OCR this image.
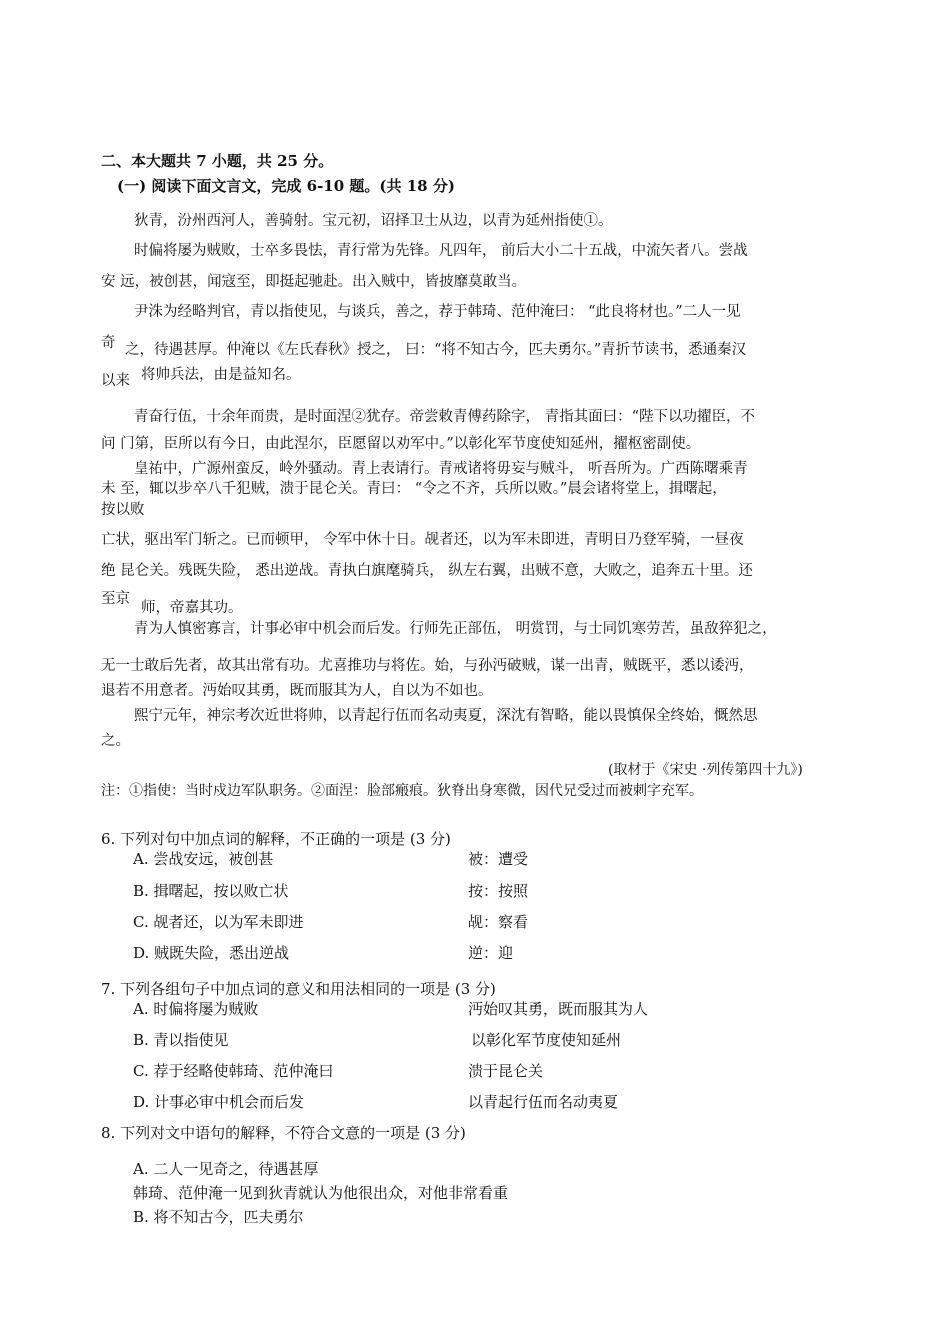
二、本大题共 7 小题，共 25 分。
(一) 阅读下面文言文，完成 6-10 题。(共 18 分)
狄青，汾州西河人，善骑射。宝元初，诏择卫士从边，以青为延州指使①。
时偏将屡为贼败，士卒多畏怯，青行常为先锋。凡四年， 前后大小二十五战，中流矢者八。尝战
安 远，被创甚，闻寇至，即挺起驰赴。出入贼中，皆披靡莫敢当。
尹洙为经略判官，青以指使见，与谈兵，善之，荐于韩琦、范仲淹曰： “此良将材也。”二人一见
奇 之，待遇甚厚。仲淹以《左氏春秋》授之， 曰：“将不知古今，匹夫勇尔。”青折节读书，悉通秦汉
以来 将帅兵法，由是益知名。
青奋行伍，十余年而贵，是时面涅②犹存。帝尝敕青傅药除字， 青指其面曰：“陛下以功擢臣，不
问 门第，臣所以有今日，由此涅尔，臣愿留以劝军中。”以彰化军节度使知延州，擢枢密副使。
皇祐中，广源州蛮反，岭外骚动。青上表请行。青戒诸将毋妄与贼斗， 听吾所为。广西陈曙乘青
未 至，辄以步卒八千犯贼，溃于昆仑关。青曰： “令之不齐，兵所以败。”晨会诸将堂上，揖曙起，
按以败
亡状，驱出军门斩之。已而顿甲， 令军中休十日。觇者还，以为军未即进，青明日乃登军骑，一昼夜
绝 昆仑关。残既失险， 悉出逆战。青执白旗麾骑兵， 纵左右翼，出贼不意，大败之，追奔五十里。还
至京
师，帝嘉其功。
青为人慎密寡言，计事必审中机会而后发。行师先正部伍， 明赏罚，与士同饥寒劳苦，虽敌猝犯之，
无一士敢后先者，故其出常有功。尤喜推功与将佐。始，与孙沔破贼，谋一出青，贼既平，悉以诿沔，
退若不用意者。沔始叹其勇，既而服其为人，自以为不如也。
熙宁元年，神宗考次近世将帅，以青起行伍而名动夷夏，深沈有智略，能以畏慎保全终始，慨然思
之。
(取材于《宋史 ·列传第四十九》)
注：①指使：当时戍边军队职务。②面涅：脸部瘢痕。狄脊出身寒微，因代兄受过而被刺字充军。
6. 下列对句中加点词的解释，不正确的一项是 (3 分)
A. 尝战安远，被创甚	被：遭受
B. 揖曙起，按以败亡状	按：按照
C. 觇者还，以为军未即进	觇：察看
D. 贼既失险，悉出逆战	逆：迎
7. 下列各组句子中加点词的意义和用法相同的一项是 (3 分)
A. 时偏将屡为贼败	沔始叹其勇，既而服其为人
B. 青以指使见	以彰化军节度使知延州
C. 荐于经略使韩琦、范仲淹曰	溃于昆仑关
D. 计事必审中机会而后发	以青起行伍而名动夷夏
8. 下列对文中语句的解释，不符合文意的一项是 (3 分)
A. 二人一见奇之，待遇甚厚
韩琦、范仲淹一见到狄青就认为他很出众，对他非常看重
B. 将不知古今，匹夫勇尔
